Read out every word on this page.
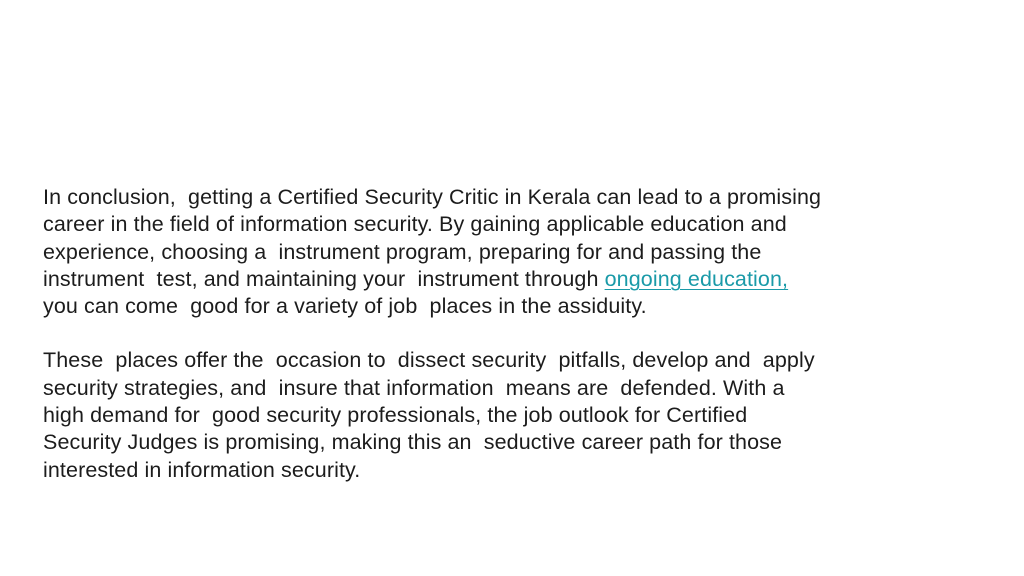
In conclusion,  getting a Certified Security Critic in Kerala can lead to a promising
career in the field of information security. By gaining applicable education and
experience, choosing a  instrument program, preparing for and passing the
instrument  test, and maintaining your  instrument through ongoing education,
you can come  good for a variety of job  places in the assiduity.
These  places offer the  occasion to  dissect security  pitfalls, develop and  apply
security strategies, and  insure that information  means are  defended. With a
high demand for  good security professionals, the job outlook for Certified
Security Judges is promising, making this an  seductive career path for those
interested in information security.
